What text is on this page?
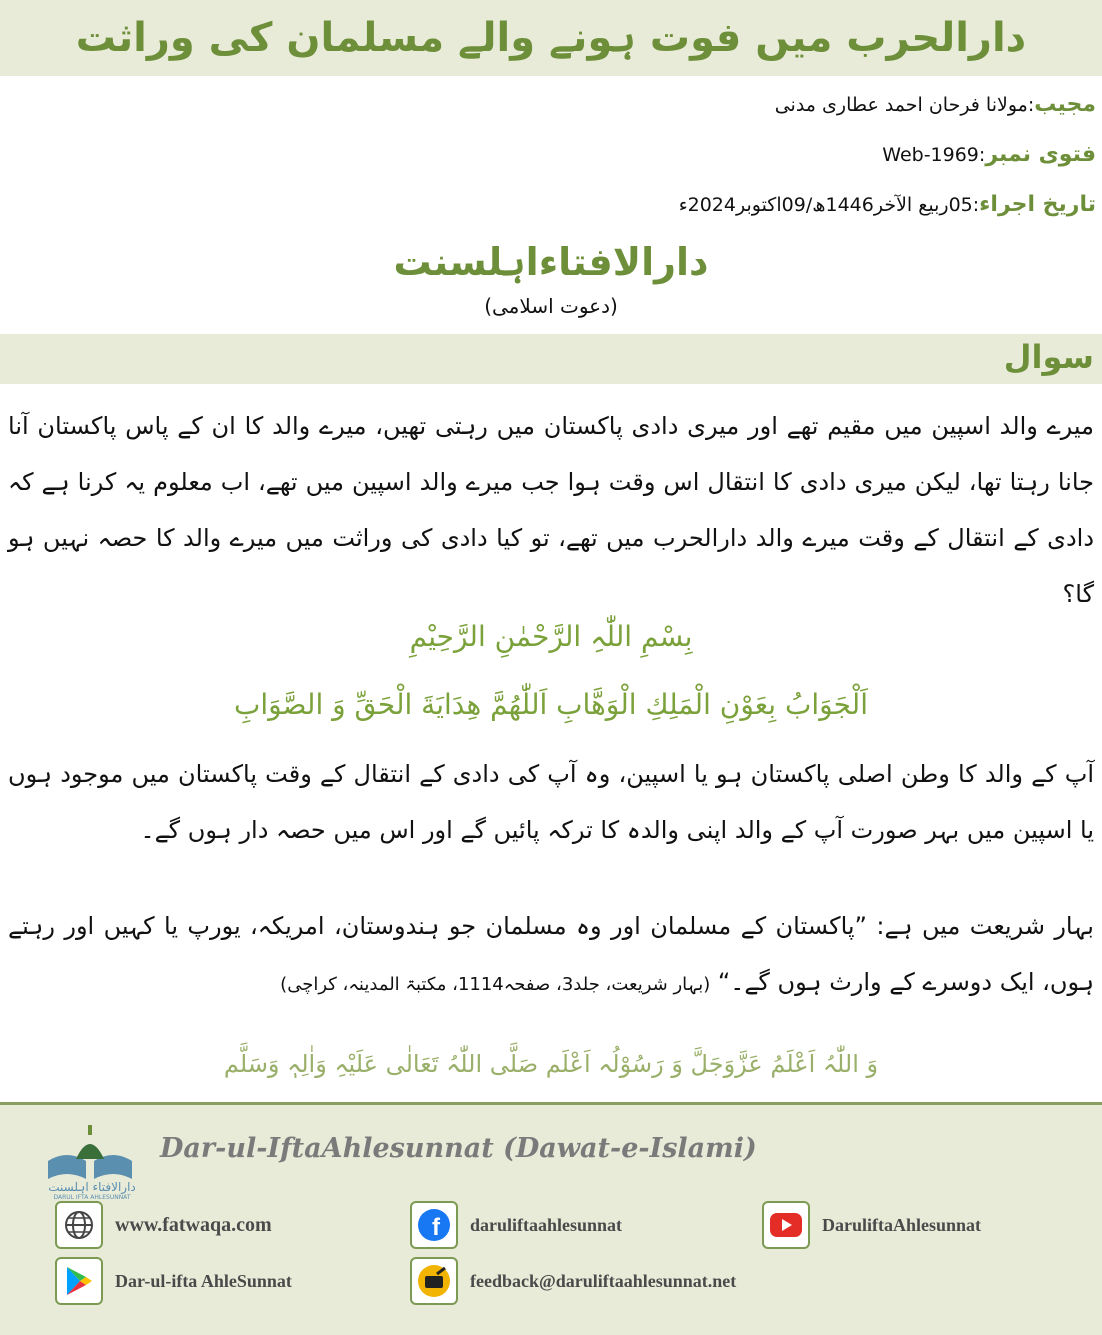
دارالحرب میں فوت ہونے والے مسلمان کی وراثت
مجیب:مولانا فرحان احمد عطاری مدنی
فتوی نمبر:Web-1969
تاریخ اجراء:05ربیع الآخر1446ھ/09اکتوبر2024ء
دارالافتاءاہلسنت
(دعوت اسلامی)
سوال
میرے والد اسپین میں مقیم تھے اور میری دادی پاکستان میں رہتی تھیں، میرے والد کا ان کے پاس پاکستان آنا جانا رہتا تھا، لیکن میری دادی کا انتقال اس وقت ہوا جب میرے والد اسپین میں تھے، اب معلوم یہ کرنا ہے کہ دادی کے انتقال کے وقت میرے والد دارالحرب میں تھے، تو کیا دادی کی وراثت میں میرے والد کا حصہ نہیں ہو گا؟
بِسْمِ اللّٰہِ الرَّحْمٰنِ الرَّحِیْمِ
اَلْجَوَابُ بِعَوْنِ الْمَلِكِ الْوَهَّابِ اَللّٰهُمَّ هِدَايَةَ الْحَقِّ وَ الصَّوَابِ
آپ کے والد کا وطن اصلی پاکستان ہو یا اسپین، وہ آپ کی دادی کے انتقال کے وقت پاکستان میں موجود ہوں یا اسپین میں بہر صورت آپ کے والد اپنی والدہ کا ترکہ پائیں گے اور اس میں حصہ دار ہوں گے۔
بہار شریعت میں ہے: ”پاکستان کے مسلمان اور وہ مسلمان جو ہندوستان، امریکہ، یورپ یا کہیں اور رہتے ہوں، ایک دوسرے کے وارث ہوں گے۔“ (بہار شریعت، جلد3، صفحہ1114، مکتبۃ المدینہ، کراچی)
وَ اللّٰہُ اَعْلَمُ عَزَّوَجَلَّ وَ رَسُوْلُہ اَعْلَم صَلَّی اللّٰہُ تَعَالٰی عَلَیْہِ وَاٰلِہٖ وَسَلَّم
دارالافتاء اہلسنت
DARUL IFTA AHLESUNNAT
Dar-ul-IftaAhlesunnat (Dawat-e-Islami)
www.fatwaqa.com	f daruliftaahlesunnat	DaruliftaAhlesunnat
Dar-ul-ifta AhleSunnat	feedback@daruliftaahlesunnat.net
